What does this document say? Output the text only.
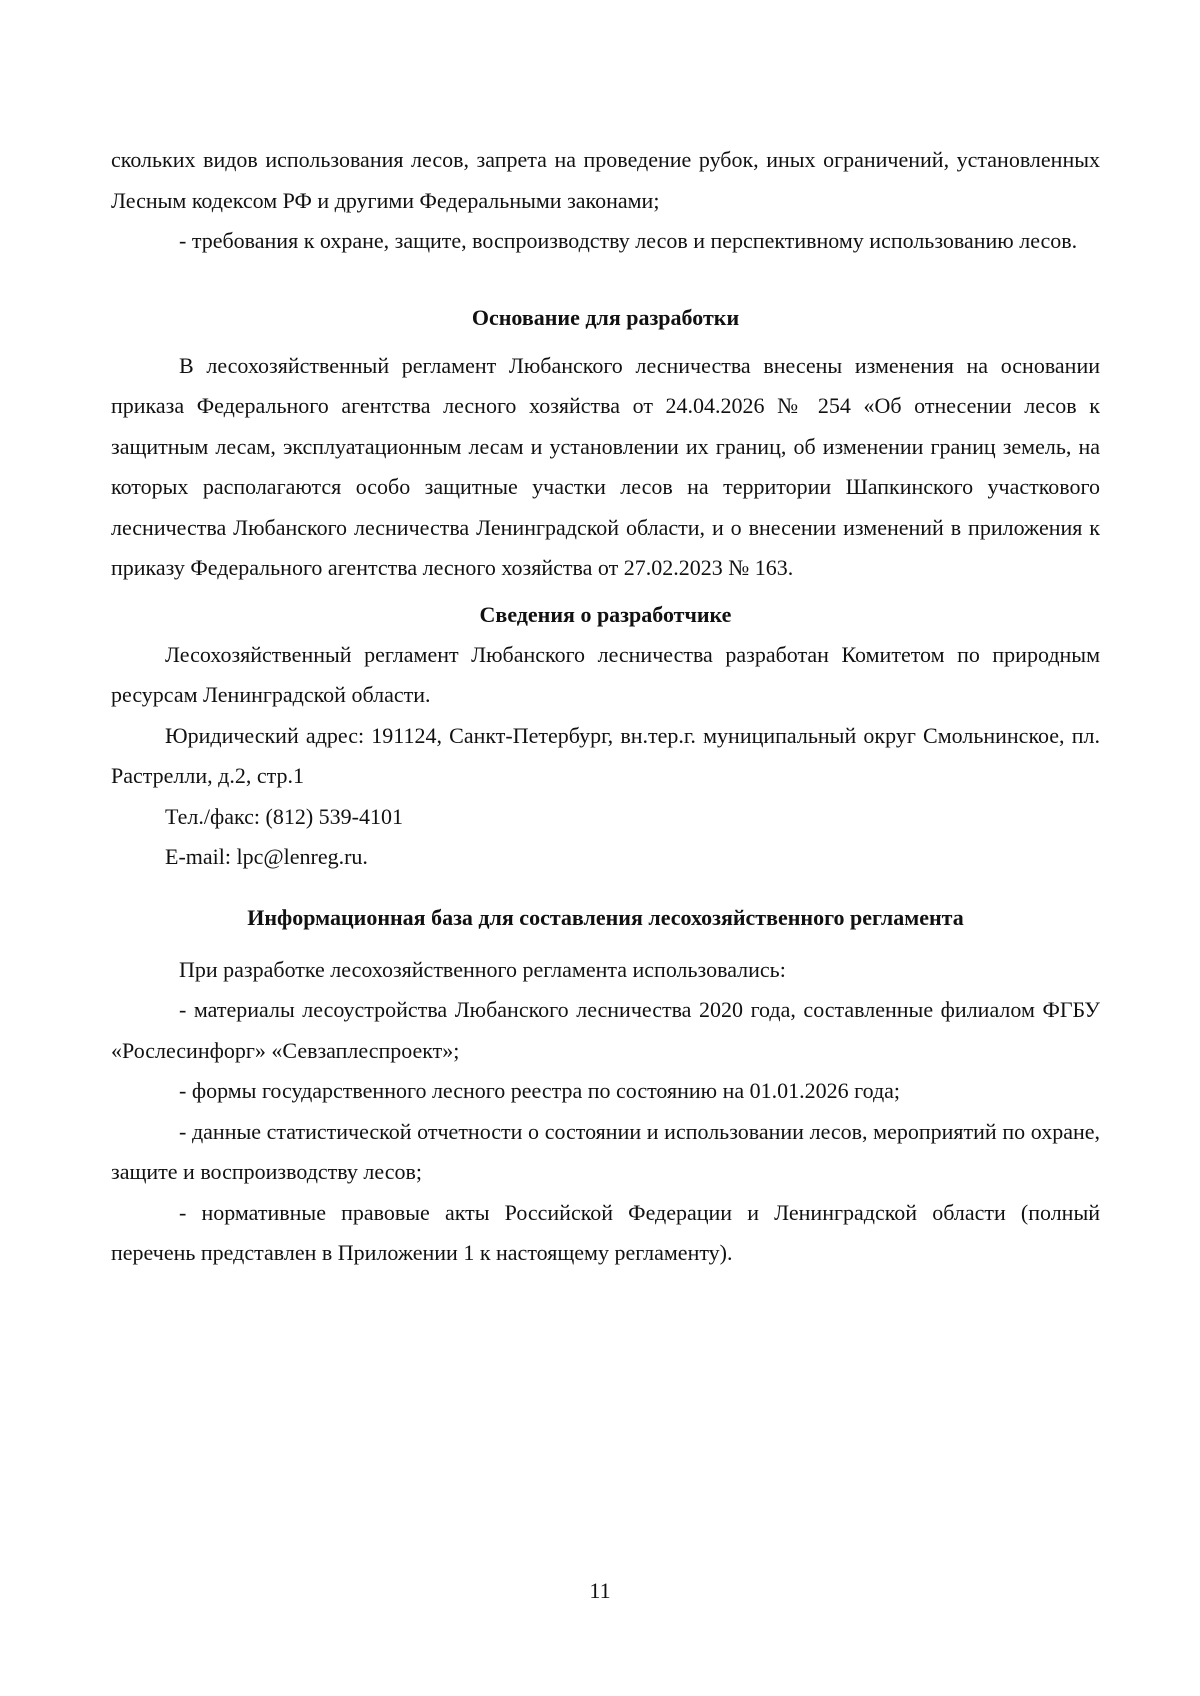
скольких видов использования лесов, запрета на проведение рубок, иных ограничений, установленных Лесным кодексом РФ и другими Федеральными законами;

- требования к охране, защите, воспроизводству лесов и перспективному использованию лесов.

Основание для разработки

В лесохозяйственный регламент Любанского лесничества внесены изменения на основании приказа Федерального агентства лесного хозяйства от 24.04.2026 № 254 «Об отнесении лесов к защитным лесам, эксплуатационным лесам и установлении их границ, об изменении границ земель, на которых располагаются особо защитные участки лесов на территории Шапкинского участкового лесничества Любанского лесничества Ленинградской области, и о внесении изменений в приложения к приказу Федерального агентства лесного хозяйства от 27.02.2023 № 163.

Сведения о разработчике

Лесохозяйственный регламент Любанского лесничества разработан Комитетом по природным ресурсам Ленинградской области.

Юридический адрес: 191124, Санкт-Петербург, вн.тер.г. муниципальный округ Смольнинское, пл. Растрелли, д.2, стр.1

Тел./факс: (812) 539-4101

E-mail: lpc@lenreg.ru.

Информационная база для составления лесохозяйственного регламента

При разработке лесохозяйственного регламента использовались:

- материалы лесоустройства Любанского лесничества 2020 года, составленные филиалом ФГБУ «Рослесинфорг» «Севзаплеспроект»;

- формы государственного лесного реестра по состоянию на 01.01.2026 года;

- данные статистической отчетности о состоянии и использовании лесов, мероприятий по охране, защите и воспроизводству лесов;

- нормативные правовые акты Российской Федерации и Ленинградской области (полный перечень представлен в Приложении 1 к настоящему регламенту).

11
